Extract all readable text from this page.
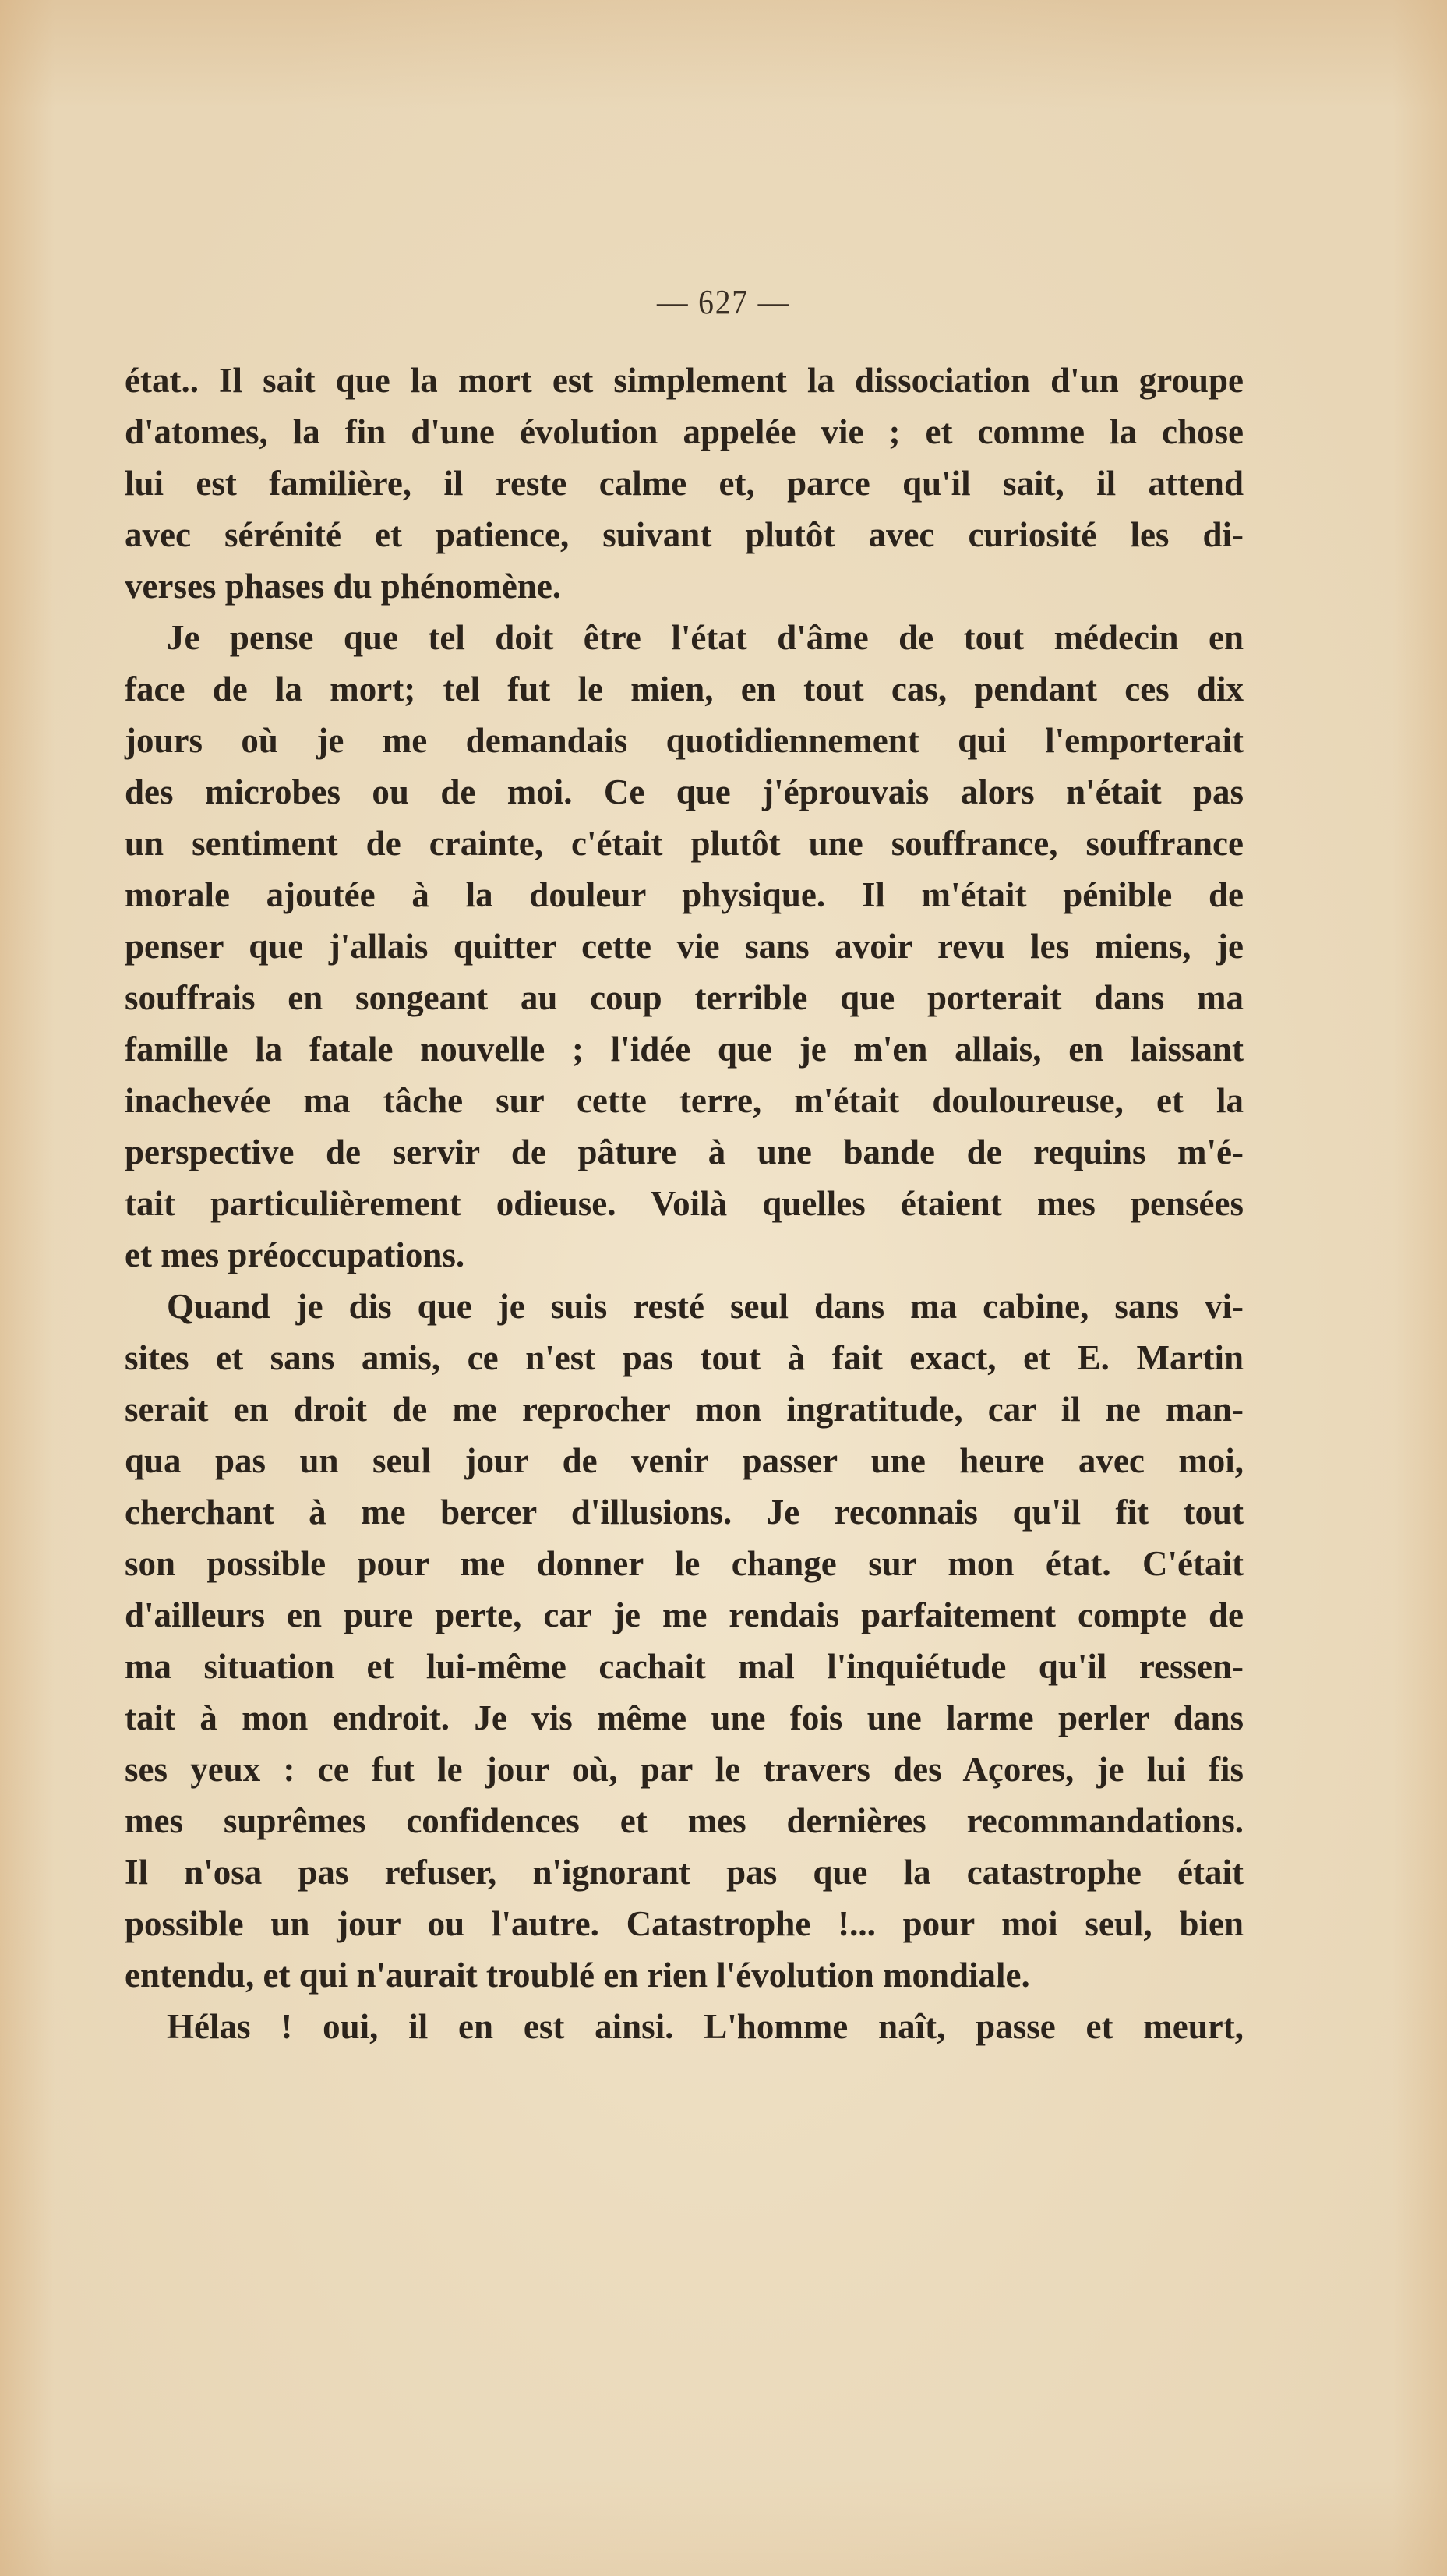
— 627 —
état.. Il sait que la mort est simplement la dissociation d'un groupe
d'atomes, la fin d'une évolution appelée vie ; et comme la chose
lui est familière, il reste calme et, parce qu'il sait, il attend
avec sérénité et patience, suivant plutôt avec curiosité les di-
verses phases du phénomène.
Je pense que tel doit être l'état d'âme de tout médecin en
face de la mort; tel fut le mien, en tout cas, pendant ces dix
jours où je me demandais quotidiennement qui l'emporterait
des microbes ou de moi. Ce que j'éprouvais alors n'était pas
un sentiment de crainte, c'était plutôt une souffrance, souffrance
morale ajoutée à la douleur physique. Il m'était pénible de
penser que j'allais quitter cette vie sans avoir revu les miens, je
souffrais en songeant au coup terrible que porterait dans ma
famille la fatale nouvelle ; l'idée que je m'en allais, en laissant
inachevée ma tâche sur cette terre, m'était douloureuse, et la
perspective de servir de pâture à une bande de requins m'é-
tait particulièrement odieuse. Voilà quelles étaient mes pensées
et mes préoccupations.
Quand je dis que je suis resté seul dans ma cabine, sans vi-
sites et sans amis, ce n'est pas tout à fait exact, et E. Martin
serait en droit de me reprocher mon ingratitude, car il ne man-
qua pas un seul jour de venir passer une heure avec moi,
cherchant à me bercer d'illusions. Je reconnais qu'il fit tout
son possible pour me donner le change sur mon état. C'était
d'ailleurs en pure perte, car je me rendais parfaitement compte de
ma situation et lui-même cachait mal l'inquiétude qu'il ressen-
tait à mon endroit. Je vis même une fois une larme perler dans
ses yeux : ce fut le jour où, par le travers des Açores, je lui fis
mes suprêmes confidences et mes dernières recommandations.
Il n'osa pas refuser, n'ignorant pas que la catastrophe était
possible un jour ou l'autre. Catastrophe !... pour moi seul, bien
entendu, et qui n'aurait troublé en rien l'évolution mondiale.
Hélas ! oui, il en est ainsi. L'homme naît, passe et meurt,
